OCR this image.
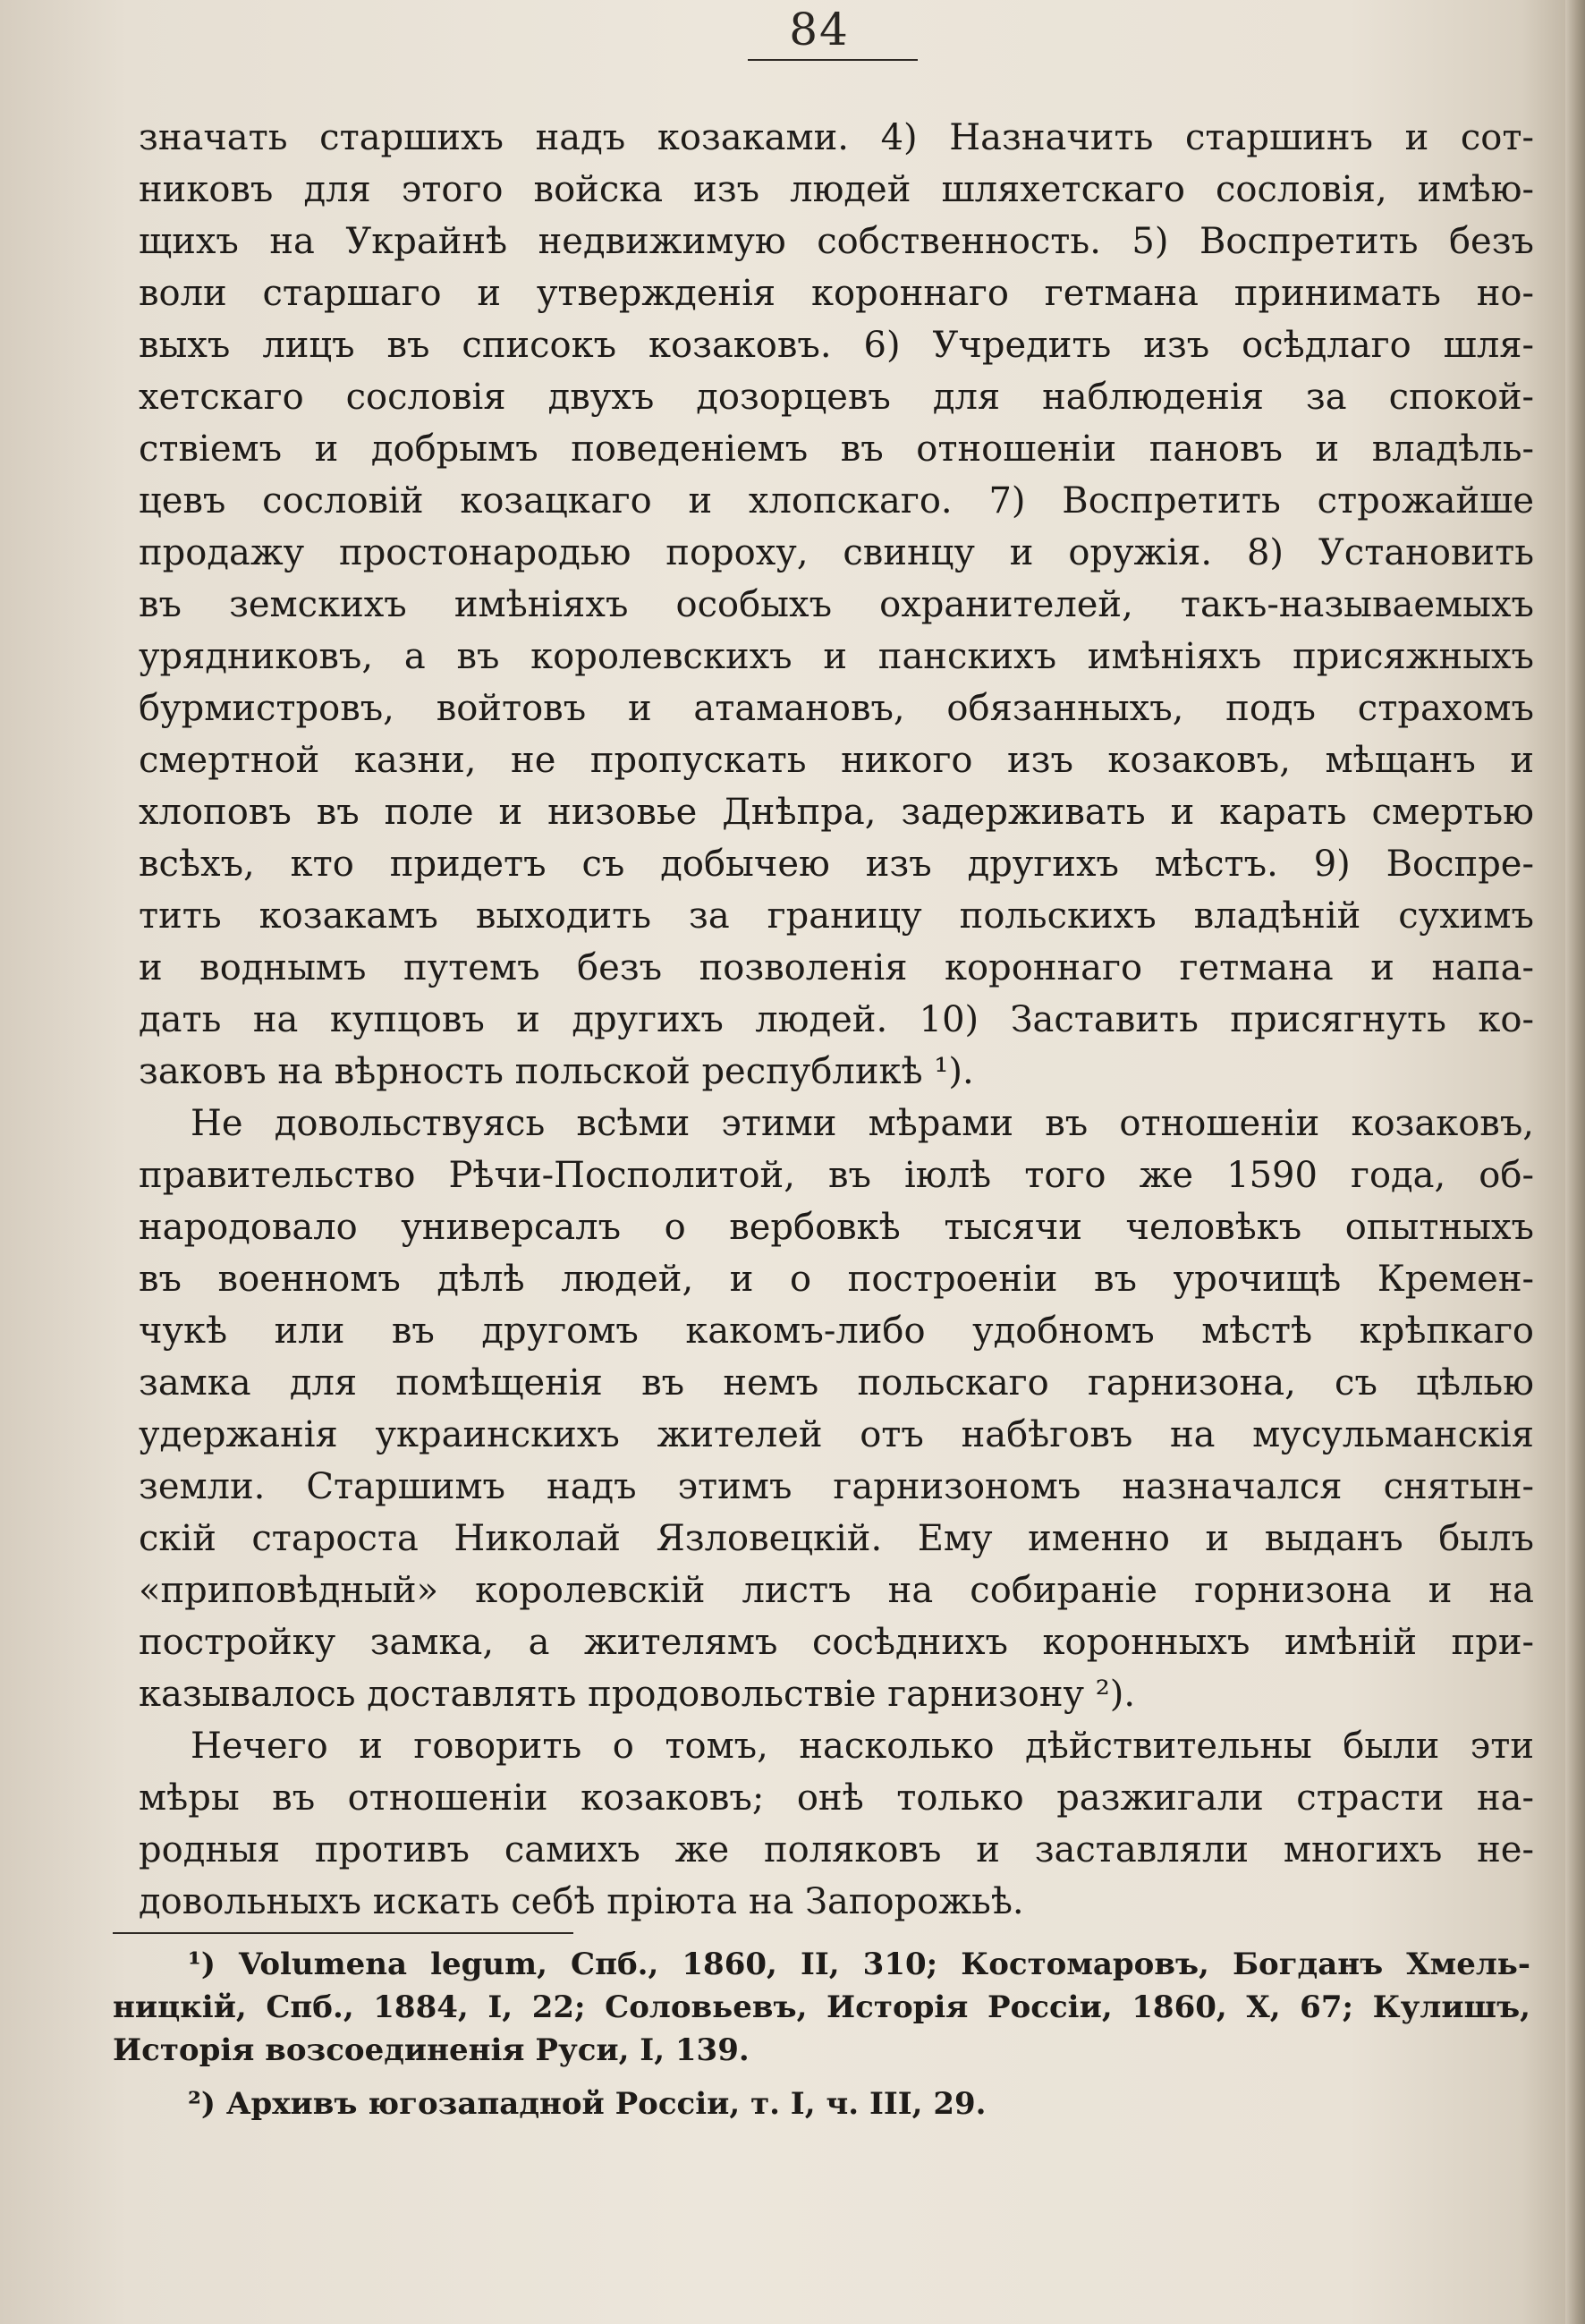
84
значать старшихъ надъ козаками. 4) Назначить старшинъ и сот-
никовъ для этого войска изъ людей шляхетскаго сословія, имѣю-
щихъ на Украйнѣ недвижимую собственность. 5) Воспретить безъ
воли старшаго и утвержденія короннаго гетмана принимать но-
выхъ лицъ въ списокъ козаковъ. 6) Учредить изъ осѣдлаго шля-
хетскаго сословія двухъ дозорцевъ для наблюденія за спокой-
ствіемъ и добрымъ поведеніемъ въ отношеніи пановъ и владѣль-
цевъ сословій козацкаго и хлопскаго. 7) Воспретить строжайше
продажу простонародью пороху, свинцу и оружія. 8) Установить
въ земскихъ имѣніяхъ особыхъ охранителей, такъ-называемыхъ
урядниковъ, а въ королевскихъ и панскихъ имѣніяхъ присяжныхъ
бурмистровъ, войтовъ и атамановъ, обязанныхъ, подъ страхомъ
смертной казни, не пропускать никого изъ козаковъ, мѣщанъ и
хлоповъ въ поле и низовье Днѣпра, задерживать и карать смертью
всѣхъ, кто придетъ съ добычею изъ другихъ мѣстъ. 9) Воспре-
тить козакамъ выходить за границу польскихъ владѣній сухимъ
и воднымъ путемъ безъ позволенія короннаго гетмана и напа-
дать на купцовъ и другихъ людей. 10) Заставить присягнуть ко-
заковъ на вѣрность польской республикѣ ¹).
Не довольствуясь всѣми этими мѣрами въ отношеніи козаковъ,
правительство Рѣчи-Посполитой, въ іюлѣ того же 1590 года, об-
народовало универсалъ о вербовкѣ тысячи человѣкъ опытныхъ
въ военномъ дѣлѣ людей, и о построеніи въ урочищѣ Кремен-
чукѣ или въ другомъ какомъ-либо удобномъ мѣстѣ крѣпкаго
замка для помѣщенія въ немъ польскаго гарнизона, съ цѣлью
удержанія украинскихъ жителей отъ набѣговъ на мусульманскія
земли. Старшимъ надъ этимъ гарнизономъ назначался снятын-
скій староста Николай Язловецкій. Ему именно и выданъ былъ
«приповѣдный» королевскій листъ на собираніе горнизона и на
постройку замка, а жителямъ сосѣднихъ коронныхъ имѣній при-
казывалось доставлять продовольствіе гарнизону ²).
Нечего и говорить о томъ, насколько дѣйствительны были эти
мѣры въ отношеніи козаковъ; онѣ только разжигали страсти на-
родныя противъ самихъ же поляковъ и заставляли многихъ не-
довольныхъ искать себѣ пріюта на Запорожьѣ.
¹) Volumena legum, Спб., 1860, II, 310; Костомаровъ, Богданъ Хмель-
ницкій, Спб., 1884, I, 22; Соловьевъ, Исторія Россіи, 1860, X, 67; Кулишъ,
Исторія возсоединенія Руси, I, 139.
²) Архивъ югозападной Россіи, т. I, ч. III, 29.
